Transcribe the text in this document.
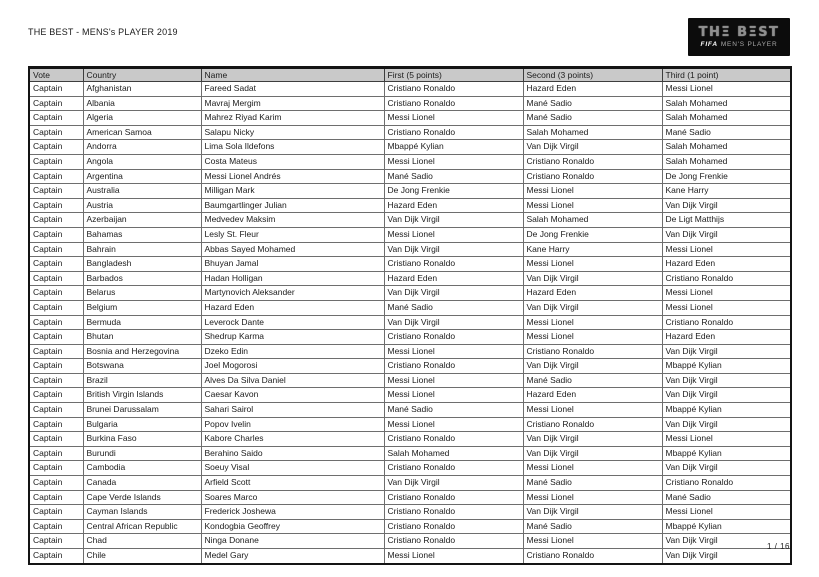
THE BEST - MENS's PLAYER 2019	THΞ BΞST
FIFA MEN'S PLAYER
Vote	Country	Name	First (5 points)	Second (3 points)	Third (1 point)
Captain	Afghanistan	Fareed Sadat	Cristiano Ronaldo	Hazard Eden	Messi Lionel
Captain	Albania	Mavraj Mergim	Cristiano Ronaldo	Mané Sadio	Salah Mohamed
Captain	Algeria	Mahrez Riyad Karim	Messi Lionel	Mané Sadio	Salah Mohamed
Captain	American Samoa	Salapu Nicky	Cristiano Ronaldo	Salah Mohamed	Mané Sadio
Captain	Andorra	Lima Sola Ildefons	Mbappé Kylian	Van Dijk Virgil	Salah Mohamed
Captain	Angola	Costa Mateus	Messi Lionel	Cristiano Ronaldo	Salah Mohamed
Captain	Argentina	Messi Lionel Andrés	Mané Sadio	Cristiano Ronaldo	De Jong Frenkie
Captain	Australia	Milligan Mark	De Jong Frenkie	Messi Lionel	Kane Harry
Captain	Austria	Baumgartlinger Julian	Hazard Eden	Messi Lionel	Van Dijk Virgil
Captain	Azerbaijan	Medvedev Maksim	Van Dijk Virgil	Salah Mohamed	De Ligt Matthijs
Captain	Bahamas	Lesly St. Fleur	Messi Lionel	De Jong Frenkie	Van Dijk Virgil
Captain	Bahrain	Abbas Sayed Mohamed	Van Dijk Virgil	Kane Harry	Messi Lionel
Captain	Bangladesh	Bhuyan Jamal	Cristiano Ronaldo	Messi Lionel	Hazard Eden
Captain	Barbados	Hadan Holligan	Hazard Eden	Van Dijk Virgil	Cristiano Ronaldo
Captain	Belarus	Martynovich Aleksander	Van Dijk Virgil	Hazard Eden	Messi Lionel
Captain	Belgium	Hazard Eden	Mané Sadio	Van Dijk Virgil	Messi Lionel
Captain	Bermuda	Leverock Dante	Van Dijk Virgil	Messi Lionel	Cristiano Ronaldo
Captain	Bhutan	Shedrup Karma	Cristiano Ronaldo	Messi Lionel	Hazard Eden
Captain	Bosnia and Herzegovina	Dzeko Edin	Messi Lionel	Cristiano Ronaldo	Van Dijk Virgil
Captain	Botswana	Joel Mogorosi	Cristiano Ronaldo	Van Dijk Virgil	Mbappé Kylian
Captain	Brazil	Alves Da Silva Daniel	Messi Lionel	Mané Sadio	Van Dijk Virgil
Captain	British Virgin Islands	Caesar Kavon	Messi Lionel	Hazard Eden	Van Dijk Virgil
Captain	Brunei Darussalam	Sahari Sairol	Mané Sadio	Messi Lionel	Mbappé Kylian
Captain	Bulgaria	Popov Ivelin	Messi Lionel	Cristiano Ronaldo	Van Dijk Virgil
Captain	Burkina Faso	Kabore Charles	Cristiano Ronaldo	Van Dijk Virgil	Messi Lionel
Captain	Burundi	Berahino Saido	Salah Mohamed	Van Dijk Virgil	Mbappé Kylian
Captain	Cambodia	Soeuy Visal	Cristiano Ronaldo	Messi Lionel	Van Dijk Virgil
Captain	Canada	Arfield Scott	Van Dijk Virgil	Mané Sadio	Cristiano Ronaldo
Captain	Cape Verde Islands	Soares Marco	Cristiano Ronaldo	Messi Lionel	Mané Sadio
Captain	Cayman Islands	Frederick Joshewa	Cristiano Ronaldo	Van Dijk Virgil	Messi Lionel
Captain	Central African Republic	Kondogbia Geoffrey	Cristiano Ronaldo	Mané Sadio	Mbappé Kylian
Captain	Chad	Ninga Donane	Cristiano Ronaldo	Messi Lionel	Van Dijk Virgil
Captain	Chile	Medel Gary	Messi Lionel	Cristiano Ronaldo	Van Dijk Virgil
1 / 16
